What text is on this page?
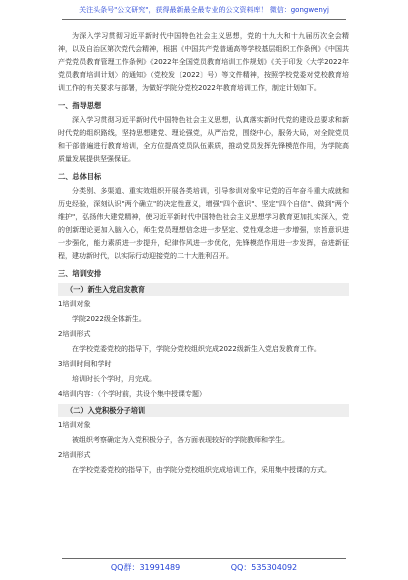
关注头条号"公文研究"，获得最新最全最专业的公文资料库！ 微信：gongwenyj

为深入学习贯彻习近平新时代中国特色社会主义思想，党的十九大和十九届历次全会精神，以及自治区第次党代会精神，根据《中国共产党普通高等学校基层组织工作条例》《中国共产党党员教育管理工作条例》《2022年全国党员教育培训工作规划》《关于印发〈大学2022年党员教育培训计划〉的通知》（党校发〔2022〕号）等文件精神，按照学校党委对党校教育培训工作的有关要求与部署，为做好学院分党校2022年教育培训工作，制定计划如下。

一、指导思想

深入学习贯彻习近平新时代中国特色社会主义思想，认真落实新时代党的建设总要求和新时代党的组织路线，坚持思想建党、理论强党，从严治党，围绕中心，服务大局，对全院党员和干部普遍进行教育培训，全方位提高党员队伍素质，推动党员发挥先锋模范作用，为学院高质量发展提供坚强保证。

二、总体目标

分类别、多渠道、重实效组织开展各类培训，引导参训对象牢记党的百年奋斗重大成就和历史经验，深刻认识"两个确立"的决定性意义，增强"四个意识"、坚定"四个自信"、做到"两个维护"，弘扬伟大建党精神，使习近平新时代中国特色社会主义思想学习教育更加扎实深入，党的创新理论更加入脑入心，师生党员理想信念进一步坚定、党性观念进一步增强，宗旨意识进一步强化，能力素质进一步提升，纪律作风进一步优化，先锋模范作用进一步发挥，奋进新征程，建功新时代，以实际行动迎接党的二十大胜利召开。

三、培训安排

（一）新生入党启发教育

1培训对象

学院2022级全体新生。

2培训形式

在学校党委党校的指导下，学院分党校组织完成2022级新生入党启发教育工作。

3培训时间和学时

培训时长个学时，月完成。

4培训内容：（个学时前，共设个集中授课专题）

（二）入党积极分子培训

1培训对象

被组织考察确定为入党积极分子，各方面表现较好的学院教师和学生。

2培训形式

在学校党委党校的指导下，由学院分党校组织完成培训工作，采用集中授课的方式。

QQ群：31991489	QQ：535304092
